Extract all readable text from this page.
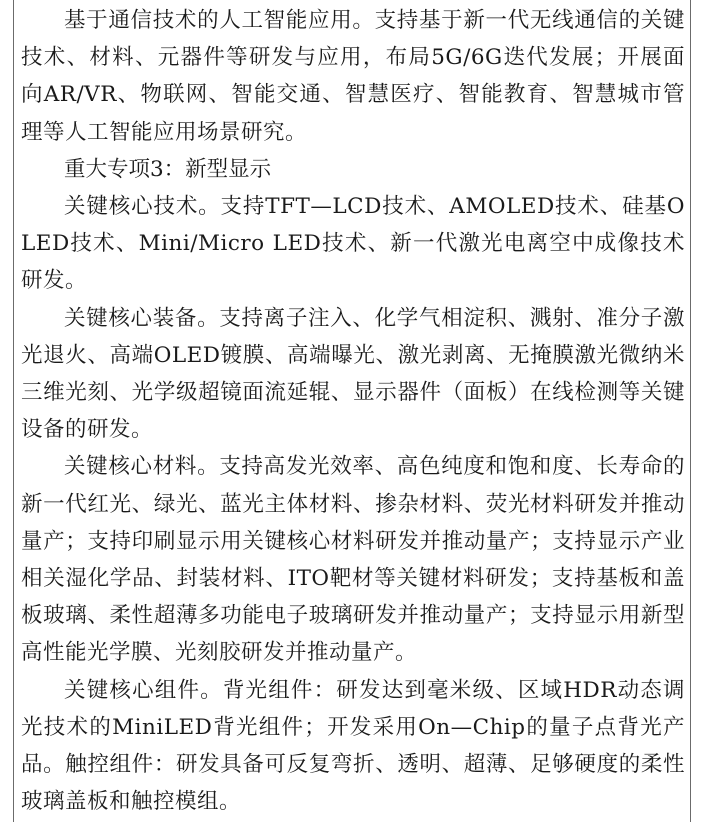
基于通信技术的人工智能应用。支持基于新一代无线通信的关键技术、材料、元器件等研发与应用，布局5G/6G迭代发展；开展面向AR/VR、物联网、智能交通、智慧医疗、智能教育、智慧城市管理等人工智能应用场景研究。

重大专项3：新型显示

关键核心技术。支持TFT—LCD技术、AMOLED技术、硅基OLED技术、Mini/Micro LED技术、新一代激光电离空中成像技术研发。

关键核心装备。支持离子注入、化学气相淀积、溅射、准分子激光退火、高端OLED镀膜、高端曝光、激光剥离、无掩膜激光微纳米三维光刻、光学级超镜面流延辊、显示器件（面板）在线检测等关键设备的研发。

关键核心材料。支持高发光效率、高色纯度和饱和度、长寿命的新一代红光、绿光、蓝光主体材料、掺杂材料、荧光材料研发并推动量产；支持印刷显示用关键核心材料研发并推动量产；支持显示产业相关湿化学品、封装材料、ITO靶材等关键材料研发；支持基板和盖板玻璃、柔性超薄多功能电子玻璃研发并推动量产；支持显示用新型高性能光学膜、光刻胶研发并推动量产。

关键核心组件。背光组件：研发达到毫米级、区域HDR动态调光技术的MiniLED背光组件；开发采用On—Chip的量子点背光产品。触控组件：研发具备可反复弯折、透明、超薄、足够硬度的柔性玻璃盖板和触控模组。
